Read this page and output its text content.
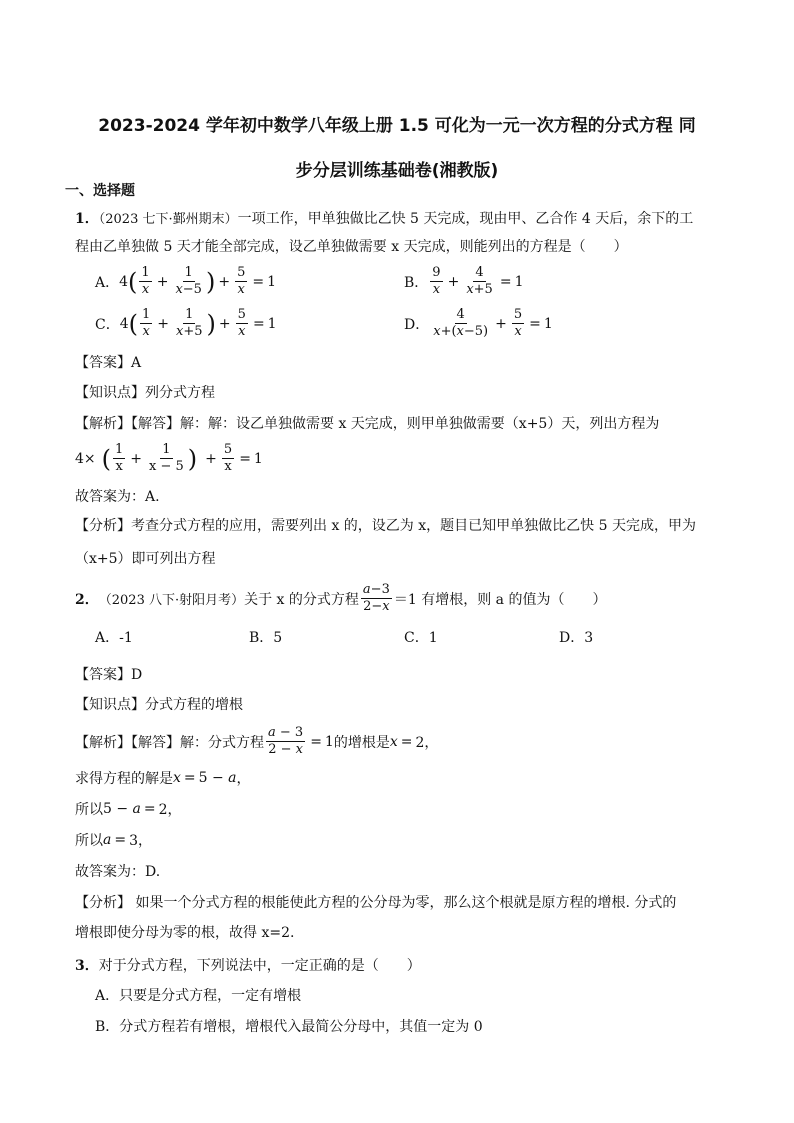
2023-2024 学年初中数学八年级上册 1.5 可化为一元一次方程的分式方程 同
步分层训练基础卷(湘教版)
一、选择题
1．（2023 七下·鄞州期末）一项工作，甲单独做比乙快 5 天完成，现由甲、乙合作 4 天后，余下的工
程由乙单独做 5 天才能全部完成，设乙单独做需要 x 天完成，则能列出的方程是（　　）
A． 4 ( $\frac{1}{x} + \frac{1}{x-5}$ ) + $\frac{5}{x} = 1$	B． $\frac{9}{x} + \frac{4}{x+5} = 1$
C． 4 ( $\frac{1}{x} + \frac{1}{x+5}$ ) + $\frac{5}{x} = 1$	D． $\frac{4}{x+(x-5)} + \frac{5}{x} = 1$
【答案】A
【知识点】列分式方程
【解析】【解答】解：解：设乙单独做需要 x 天完成，则甲单独做需要（x+5）天，列出方程为
4× ( $\frac{1}{x} + \frac{1}{x - 5}$ ) + $\frac{5}{x} = 1$
故答案为：A.
【分析】考查分式方程的应用，需要列出 x 的，设乙为 x，题目已知甲单独做比乙快 5 天完成，甲为
（x+5）即可列出方程
2． （2023 八下·射阳月考） 关于 x 的分式方程 $\frac{a-3}{2-x} =1$ 有增根，则 a 的值为（　　）
A．-1	B．5	C．1	D．3
【答案】D
【知识点】分式方程的增根
【解析】【解答】解：分式方程 $\frac{a - 3}{2 - x} = 1$ 的增根是 x = 2，
求得方程的解是 x = 5 − a ，
所以 5 − a = 2，
所以 a = 3，
故答案为：D.
【分析】 如果一个分式方程的根能使此方程的公分母为零，那么这个根就是原方程的增根. 分式的
增根即使分母为零的根，故得 x=2.
3．对于分式方程，下列说法中，一定正确的是（　　）
A．只要是分式方程，一定有增根
B．分式方程若有增根，增根代入最简公分母中，其值一定为 0
